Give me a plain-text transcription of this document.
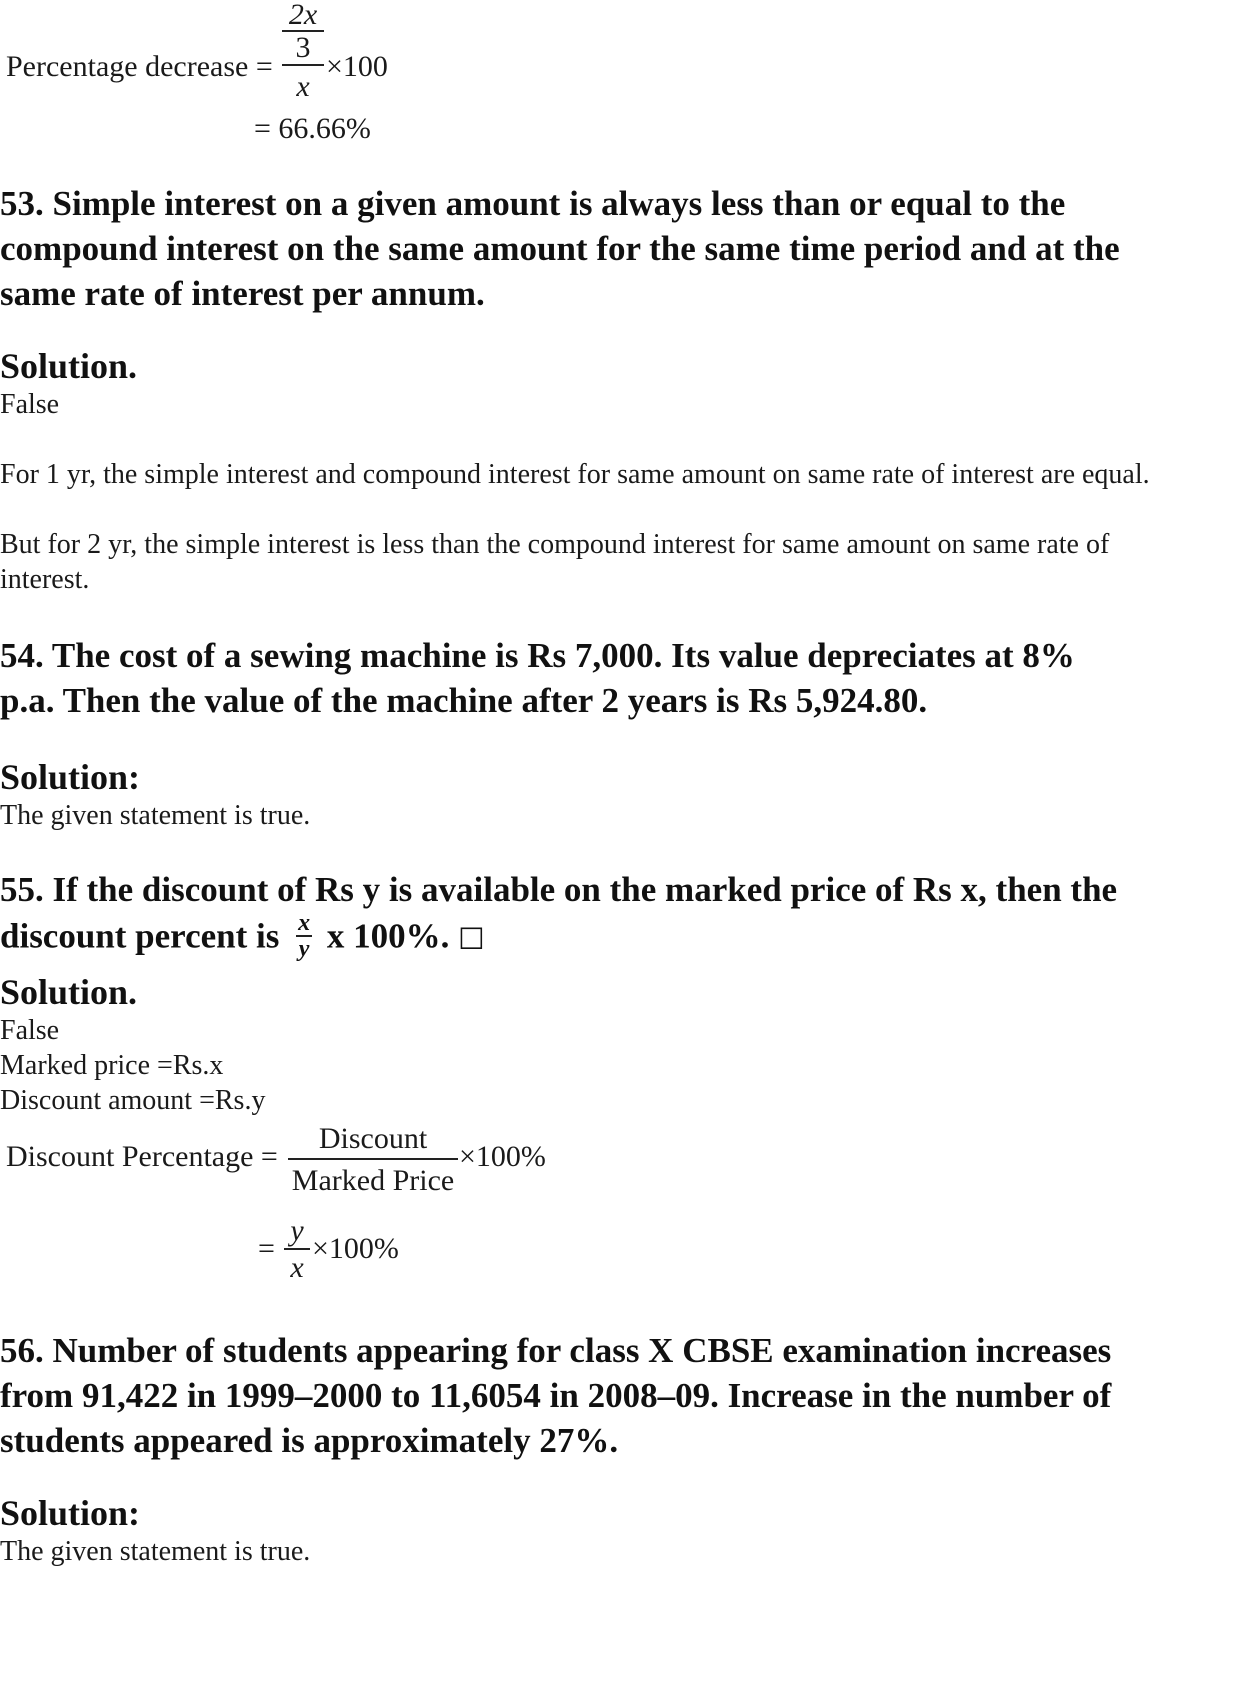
Percentage decrease =
2x
3
x
×100
= 66.66%
53. Simple interest on a given amount is always less than or equal to the compound interest on the same amount for the same time period and at the same rate of interest per annum.
Solution.
False
For 1 yr, the simple interest and compound interest for same amount on same rate of interest are equal.
But for 2 yr, the simple interest is less than the compound interest for same amount on same rate of interest.
54. The cost of a sewing machine is Rs 7,000. Its value depreciates at 8% p.a. Then the value of the machine after 2 years is Rs 5,924.80.
Solution:
The given statement is true.
55. If the discount of Rs y is available on the marked price of Rs x, then the
discount percent is $\frac{x}{y}$ x 100%. □
Solution.
False
Marked price =Rs.x
Discount amount =Rs.y
Discount Percentage =
Discount
Marked Price
×100%
= $\frac{y}{x} \times 100\%$
56. Number of students appearing for class X CBSE examination increases from 91,422 in 1999–2000 to 11,6054 in 2008–09. Increase in the number of students appeared is approximately 27%.
Solution:
The given statement is true.
